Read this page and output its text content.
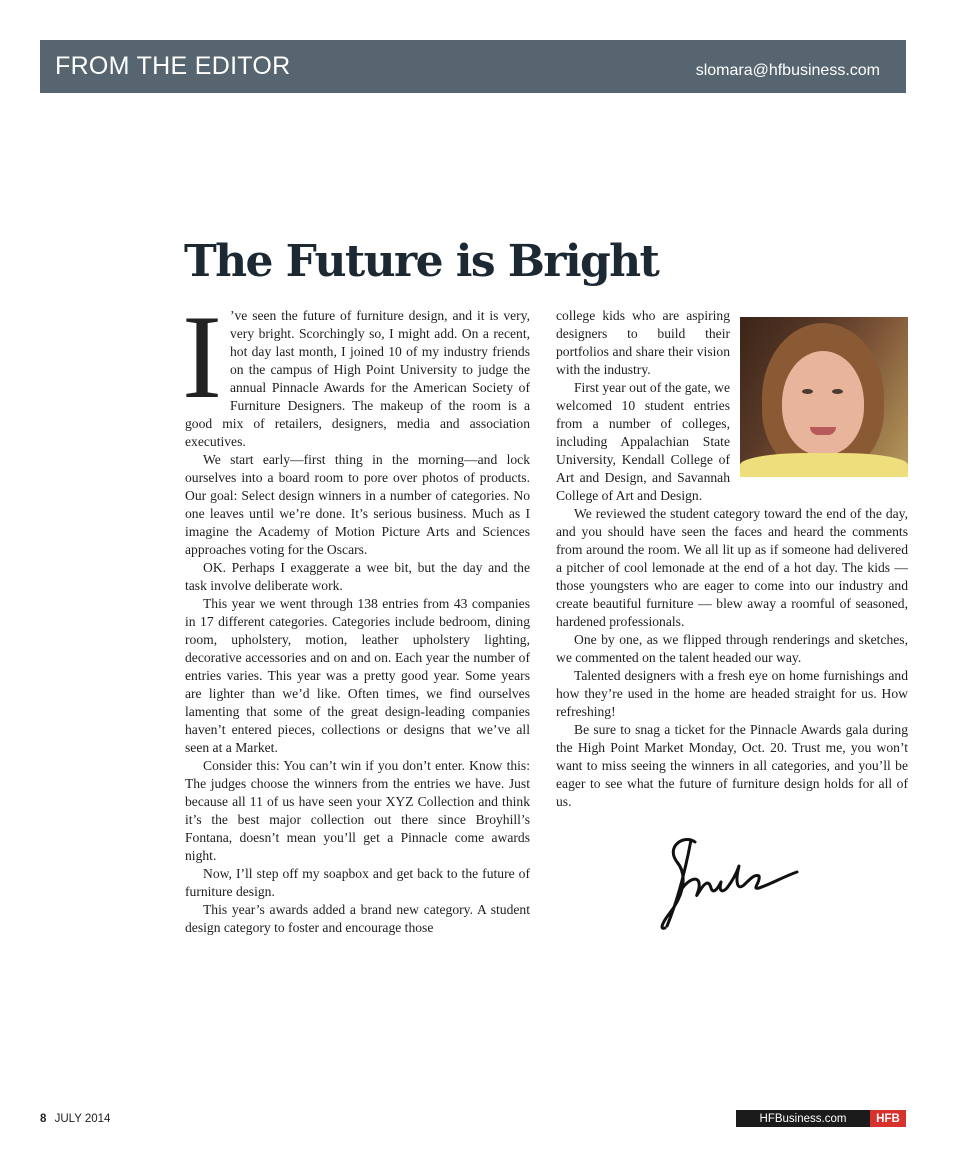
FROM THE EDITOR	slomara@hfbusiness.com
The Future is Bright
I ’ve seen the future of furniture design, and it is very, very bright. Scorchingly so, I might add. On a recent, hot day last month, I joined 10 of my industry friends on the campus of High Point University to judge the annual Pinnacle Awards for the American Society of Furniture Designers. The makeup of the room is a good mix of retailers, designers, media and association executives.

We start early—first thing in the morning—and lock ourselves into a board room to pore over photos of products. Our goal: Select design winners in a number of categories. No one leaves until we’re done. It’s serious business. Much as I imagine the Academy of Motion Picture Arts and Sciences approaches voting for the Oscars.

OK. Perhaps I exaggerate a wee bit, but the day and the task involve deliberate work.

This year we went through 138 entries from 43 companies in 17 different categories. Categories include bedroom, dining room, upholstery, motion, leather upholstery lighting, decorative accessories and on and on. Each year the number of entries varies. This year was a pretty good year. Some years are lighter than we’d like. Often times, we find ourselves lamenting that some of the great design-leading companies haven’t entered pieces, collections or designs that we’ve all seen at a Market.

Consider this: You can’t win if you don’t enter. Know this: The judges choose the winners from the entries we have. Just because all 11 of us have seen your XYZ Collection and think it’s the best major collection out there since Broyhill’s Fontana, doesn’t mean you’ll get a Pinnacle come awards night.

Now, I’ll step off my soapbox and get back to the future of furniture design.

This year’s awards added a brand new category. A student design category to foster and encourage those

college kids who are aspiring designers to build their portfolios and share their vision with the industry.

First year out of the gate, we welcomed 10 student entries from a number of colleges, including Appalachian State University, Kendall College of Art and Design, and Savannah College of Art and Design.

We reviewed the student category toward the end of the day, and you should have seen the faces and heard the comments from around the room. We all lit up as if someone had delivered a pitcher of cool lemonade at the end of a hot day. The kids — those youngsters who are eager to come into our industry and create beautiful furniture — blew away a roomful of seasoned, hardened professionals.

One by one, as we flipped through renderings and sketches, we commented on the talent headed our way.

Talented designers with a fresh eye on home furnishings and how they’re used in the home are headed straight for us. How refreshing!

Be sure to snag a ticket for the Pinnacle Awards gala during the High Point Market Monday, Oct. 20. Trust me, you won’t want to miss seeing the winners in all categories, and you’ll be eager to see what the future of furniture design holds for all of us.

8 JULY 2014	HFBusiness.com	HFB
